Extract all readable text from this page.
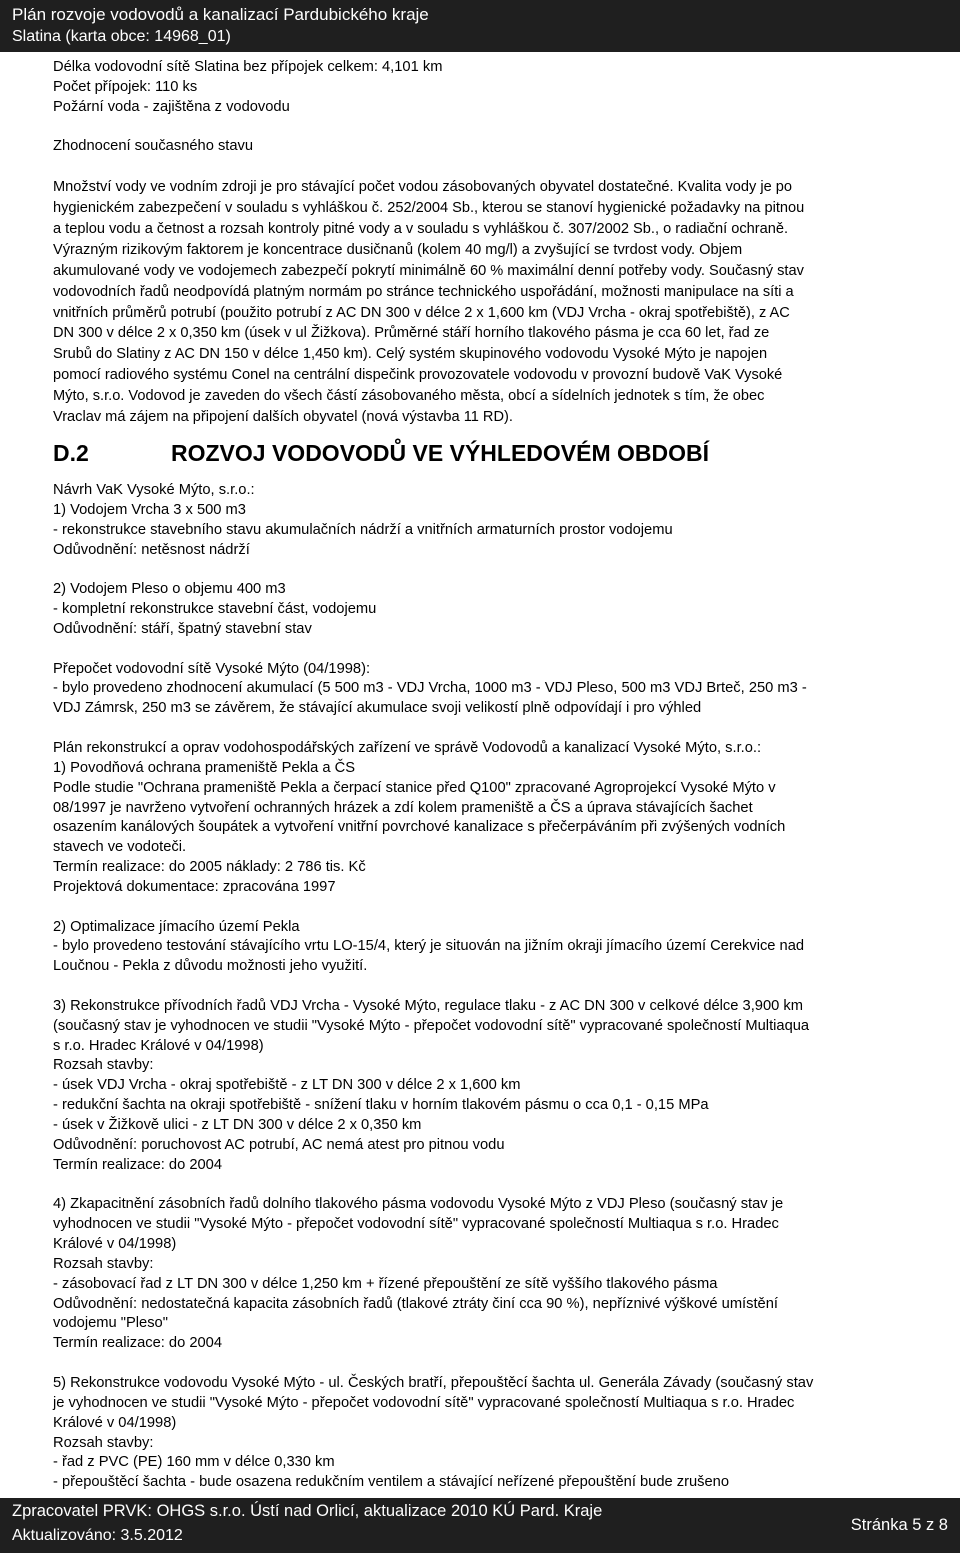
Plán rozvoje vodovodů a kanalizací Pardubického kraje
Slatina (karta obce: 14968_01)
Délka vodovodní sítě Slatina bez přípojek celkem: 4,101 km
Počet přípojek: 110 ks
Požární voda - zajištěna z vodovodu
Zhodnocení současného stavu
Množství vody ve vodním zdroji je pro stávající počet vodou zásobovaných obyvatel dostatečné. Kvalita vody je po
hygienickém zabezpečení v souladu s vyhláškou č. 252/2004 Sb., kterou se stanoví hygienické požadavky na pitnou
a teplou vodu a četnost a rozsah kontroly pitné vody a v souladu s vyhláškou č. 307/2002 Sb., o radiační ochraně.
Výrazným rizikovým faktorem je koncentrace dusičnanů (kolem 40 mg/l) a zvyšující se tvrdost vody. Objem
akumulované vody ve vodojemech zabezpečí pokrytí minimálně 60 % maximální denní potřeby vody. Současný stav
vodovodních řadů neodpovídá platným normám po stránce technického uspořádání, možnosti manipulace na síti a
vnitřních průměrů potrubí (použito potrubí z AC DN 300 v délce 2 x 1,600 km (VDJ Vrcha - okraj spotřebiště), z AC
DN 300 v délce 2 x 0,350 km (úsek v ul Žižkova). Průměrné stáří horního tlakového pásma je cca 60 let, řad ze
Srubů do Slatiny z AC DN 150 v délce 1,450 km). Celý systém skupinového vodovodu Vysoké Mýto je napojen
pomocí radiového systému Conel na centrální dispečink provozovatele vodovodu v provozní budově VaK Vysoké
Mýto, s.r.o. Vodovod je zaveden do všech částí zásobovaného města, obcí a sídelních jednotek s tím, že obec
Vraclav má zájem na připojení dalších obyvatel (nová výstavba 11 RD).
D.2	ROZVOJ VODOVODŮ VE VÝHLEDOVÉM OBDOBÍ
Návrh VaK Vysoké Mýto, s.r.o.:
1) Vodojem Vrcha 3 x 500 m3
- rekonstrukce stavebního stavu akumulačních nádrží a vnitřních armaturních prostor vodojemu
Odůvodnění: netěsnost nádrží
2) Vodojem Pleso o objemu 400 m3
- kompletní rekonstrukce stavební část, vodojemu
Odůvodnění: stáří, špatný stavební stav
Přepočet vodovodní sítě Vysoké Mýto (04/1998):
- bylo provedeno zhodnocení akumulací (5 500 m3 - VDJ Vrcha, 1000 m3 - VDJ Pleso, 500 m3 VDJ Brteč, 250 m3 -
VDJ Zámrsk, 250 m3 se závěrem, že stávající akumulace svoji velikostí plně odpovídají i pro výhled
Plán rekonstrukcí a oprav vodohospodářských zařízení ve správě Vodovodů a kanalizací Vysoké Mýto, s.r.o.:
1) Povodňová ochrana prameniště Pekla a ČS
Podle studie "Ochrana prameniště Pekla a čerpací stanice před Q100" zpracované Agroprojekcí Vysoké Mýto v
08/1997 je navrženo vytvoření ochranných hrázek a zdí kolem prameniště a ČS a úprava stávajících šachet
osazením kanálových šoupátek a vytvoření vnitřní povrchové kanalizace s přečerpáváním při zvýšených vodních
stavech ve vodoteči.
Termín realizace: do 2005 náklady: 2 786 tis. Kč
Projektová dokumentace: zpracována 1997
2) Optimalizace jímacího území Pekla
- bylo provedeno testování stávajícího vrtu LO-15/4, který je situován na jižním okraji jímacího území Cerekvice nad
Loučnou - Pekla z důvodu možnosti jeho využití.
3) Rekonstrukce přívodních řadů VDJ Vrcha - Vysoké Mýto, regulace tlaku - z AC DN 300 v celkové délce 3,900 km
(současný stav je vyhodnocen ve studii "Vysoké Mýto - přepočet vodovodní sítě" vypracované společností Multiaqua
s r.o. Hradec Králové v 04/1998)
Rozsah stavby:
- úsek VDJ Vrcha - okraj spotřebiště - z LT DN 300 v délce 2 x 1,600 km
- redukční šachta na okraji spotřebiště - snížení tlaku v horním tlakovém pásmu o cca 0,1 - 0,15 MPa
- úsek v Žižkově ulici - z LT DN 300 v délce 2 x 0,350 km
Odůvodnění: poruchovost AC potrubí, AC nemá atest pro pitnou vodu
Termín realizace: do 2004
4) Zkapacitnění zásobních řadů dolního tlakového pásma vodovodu Vysoké Mýto z VDJ Pleso (současný stav je
vyhodnocen ve studii "Vysoké Mýto - přepočet vodovodní sítě" vypracované společností Multiaqua s r.o. Hradec
Králové v 04/1998)
Rozsah stavby:
- zásobovací řad z LT DN 300 v délce 1,250 km + řízené přepouštění ze sítě vyššího tlakového pásma
Odůvodnění: nedostatečná kapacita zásobních řadů (tlakové ztráty činí cca 90 %), nepříznivé výškové umístění
vodojemu "Pleso"
Termín realizace: do 2004
5) Rekonstrukce vodovodu Vysoké Mýto - ul. Českých bratří, přepouštěcí šachta ul. Generála Závady (současný stav
je vyhodnocen ve studii "Vysoké Mýto - přepočet vodovodní sítě" vypracované společností Multiaqua s r.o. Hradec
Králové v 04/1998)
Rozsah stavby:
- řad z PVC (PE) 160 mm v délce 0,330 km
- přepouštěcí šachta - bude osazena redukčním ventilem a stávající neřízené přepouštění bude zrušeno
Zpracovatel PRVK: OHGS s.r.o. Ústí nad Orlicí, aktualizace 2010 KÚ Pard. Kraje
Aktualizováno: 3.5.2012
Stránka 5 z 8
